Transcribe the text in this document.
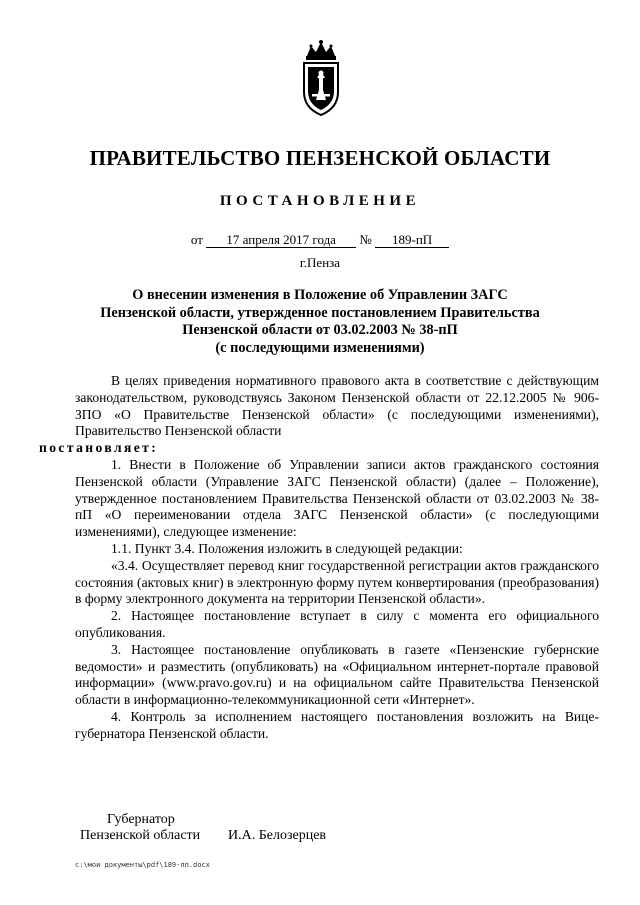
ПРАВИТЕЛЬСТВО ПЕНЗЕНСКОЙ ОБЛАСТИ
ПОСТАНОВЛЕНИЕ
от 17 апреля 2017 года № 189-пП
г.Пенза
О внесении изменения в Положение об Управлении ЗАГС
Пензенской области, утвержденное постановлением Правительства
Пензенской области от 03.02.2003 № 38-пП
(с последующими изменениями)

В целях приведения нормативного правового акта в соответствие с действующим законодательством, руководствуясь Законом Пензенской области от 22.12.2005 № 906-ЗПО «О Правительстве Пензенской области» (с последующими изменениями), Правительство Пензенской области
постановляет:

1. Внести в Положение об Управлении записи актов гражданского состояния Пензенской области (Управление ЗАГС Пензенской области) (далее – Положение), утвержденное постановлением Правительства Пензенской области от 03.02.2003 № 38-пП «О переименовании отдела ЗАГС Пензенской области» (с последующими изменениями), следующее изменение:

1.1. Пункт 3.4. Положения изложить в следующей редакции:

«3.4. Осуществляет перевод книг государственной регистрации актов гражданского состояния (актовых книг) в электронную форму путем конвертирования (преобразования) в форму электронного документа на территории Пензенской области».

2. Настоящее постановление вступает в силу с момента его официального опубликования.

3. Настоящее постановление опубликовать в газете «Пензенские губернские ведомости» и разместить (опубликовать) на «Официальном интернет-портале правовой информации» (www.pravo.gov.ru) и на официальном сайте Правительства Пензенской области в информационно-телекоммуникационной сети «Интернет».

4. Контроль за исполнением настоящего постановления возложить на Вице-губернатора Пензенской области.

Губернатор
Пензенской области И.А. Белозерцев
c:\мои документы\pdf\189-пп.docx
